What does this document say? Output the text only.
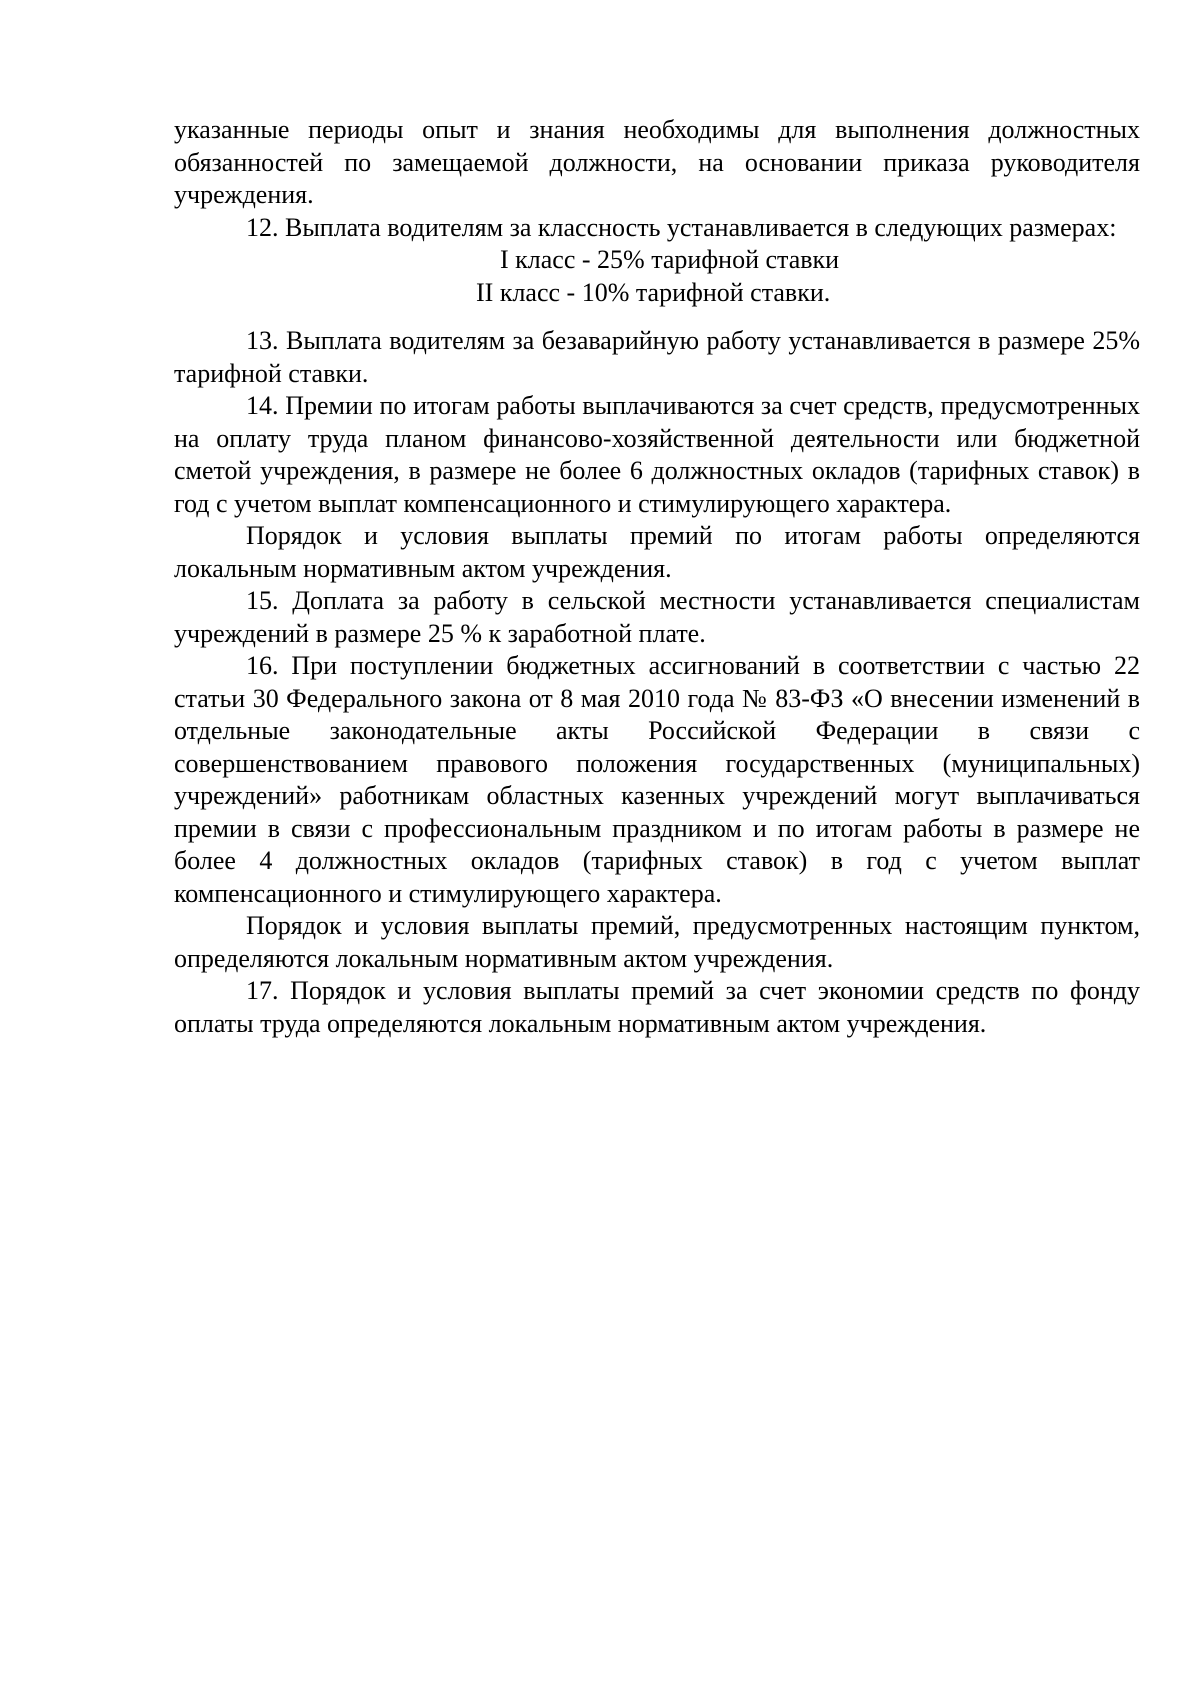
указанные периоды опыт и знания необходимы для выполнения должностных обязанностей по замещаемой должности, на основании приказа руководителя учреждения.

12. Выплата водителям за классность устанавливается в следующих размерах:

I класс - 25% тарифной ставки
II класс - 10% тарифной ставки.

13. Выплата водителям за безаварийную работу устанавливается в размере 25% тарифной ставки.

14. Премии по итогам работы выплачиваются за счет средств, предусмотренных на оплату труда планом финансово-хозяйственной деятельности или бюджетной сметой учреждения, в размере не более 6 должностных окладов (тарифных ставок) в год с учетом выплат компенсационного и стимулирующего характера.

Порядок и условия выплаты премий по итогам работы определяются локальным нормативным актом учреждения.

15. Доплата за работу в сельской местности устанавливается специалистам учреждений в размере 25 % к заработной плате.

16. При поступлении бюджетных ассигнований в соответствии с частью 22 статьи 30 Федерального закона от 8 мая 2010 года № 83-ФЗ «О внесении изменений в отдельные законодательные акты Российской Федерации в связи с совершенствованием правового положения государственных (муниципальных) учреждений» работникам областных казенных учреждений могут выплачиваться премии в связи с профессиональным праздником и по итогам работы в размере не более 4 должностных окладов (тарифных ставок) в год с учетом выплат компенсационного и стимулирующего характера.

Порядок и условия выплаты премий, предусмотренных настоящим пунктом, определяются локальным нормативным актом учреждения.

17. Порядок и условия выплаты премий за счет экономии средств по фонду оплаты труда определяются локальным нормативным актом учреждения.
